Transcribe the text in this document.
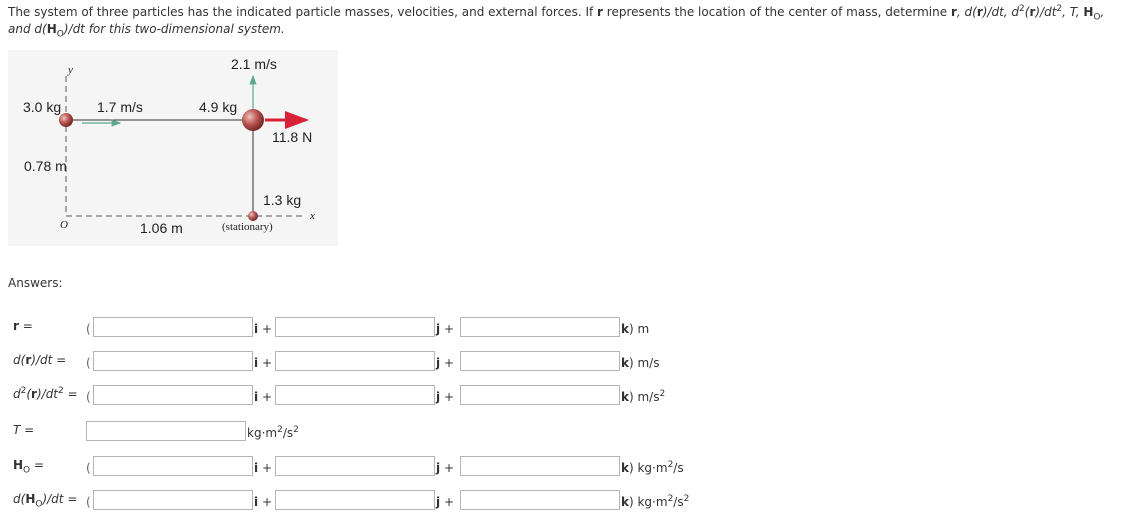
The system of three particles has the indicated particle masses, velocities, and external forces. If r represents the location of the center of mass, determine r, d(r)/dt, $d^2(r)/dt^2$, T, $H_O$, and $d(H_O)/dt$ for this two-dimensional system.
2.1 m/s
y
3.0 kg	1.7 m/s	4.9 kg
11.8 N
0.78 m
1.3 kg
x
O	1.06 m	(stationary)
Answers:
r =	(	i +	j +	k) m
d(r)/dt = (	i +	j +	k) m/s
$d^2(r)/dt^2$ = (	i +	j +	k) $m/s^2$
T =	$kg\cdot m^2/s^2$
$H_O$ =	(	i +	j +	k) $kg\cdot m^2/s$
$d(H_O)/dt$ = (	i +	j +	k) $kg\cdot m^2/s^2$
